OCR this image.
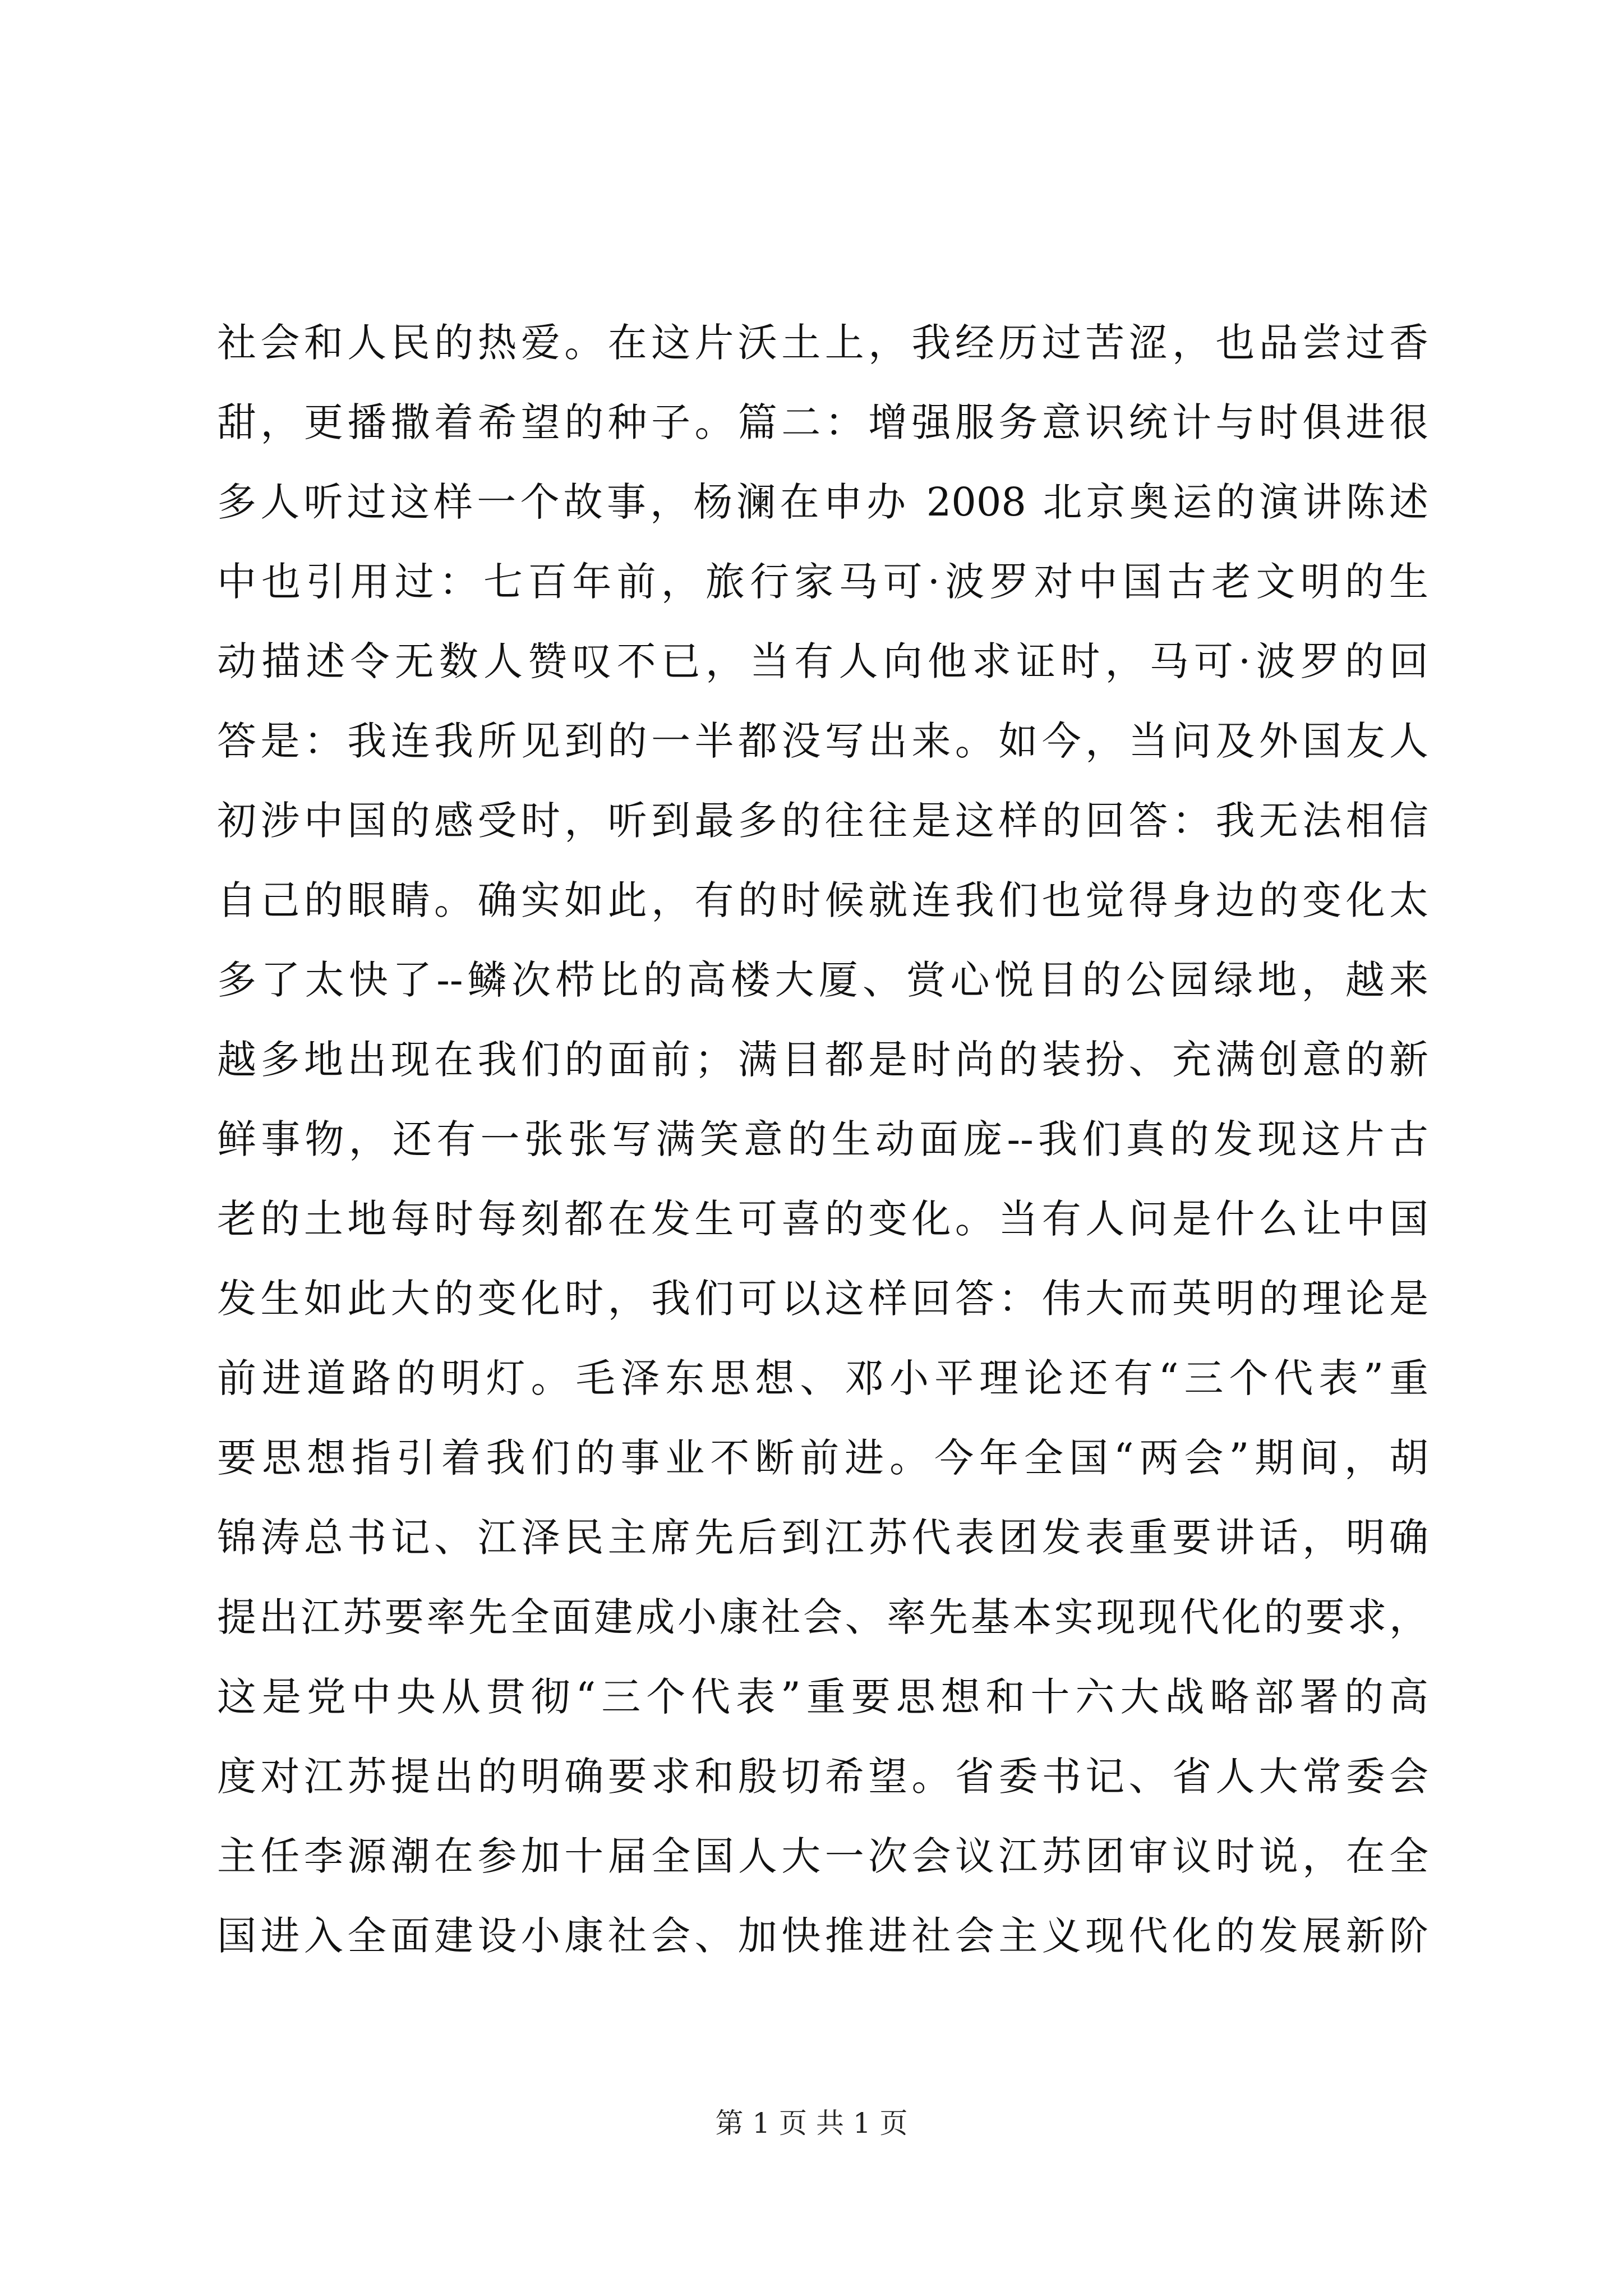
社会和人民的热爱。在这片沃土上，我经历过苦涩，也品尝过香
甜，更播撒着希望的种子。篇二：增强服务意识统计与时俱进很
多人听过这样一个故事，杨澜在申办 2008 北京奥运的演讲陈述
中也引用过：七百年前，旅行家马可·波罗对中国古老文明的生
动描述令无数人赞叹不已，当有人向他求证时，马可·波罗的回
答是：我连我所见到的一半都没写出来。如今，当问及外国友人
初涉中国的感受时，听到最多的往往是这样的回答：我无法相信
自己的眼睛。确实如此，有的时候就连我们也觉得身边的变化太
多了太快了--鳞次栉比的高楼大厦、赏心悦目的公园绿地，越来
越多地出现在我们的面前；满目都是时尚的装扮、充满创意的新
鲜事物，还有一张张写满笑意的生动面庞--我们真的发现这片古
老的土地每时每刻都在发生可喜的变化。当有人问是什么让中国
发生如此大的变化时，我们可以这样回答：伟大而英明的理论是
前进道路的明灯。毛泽东思想、邓小平理论还有“三个代表”重
要思想指引着我们的事业不断前进。今年全国“两会”期间，胡
锦涛总书记、江泽民主席先后到江苏代表团发表重要讲话，明确
提出江苏要率先全面建成小康社会、率先基本实现现代化的要求，
这是党中央从贯彻“三个代表”重要思想和十六大战略部署的高
度对江苏提出的明确要求和殷切希望。省委书记、省人大常委会
主任李源潮在参加十届全国人大一次会议江苏团审议时说，在全
国进入全面建设小康社会、加快推进社会主义现代化的发展新阶
第 1 页 共 1 页
